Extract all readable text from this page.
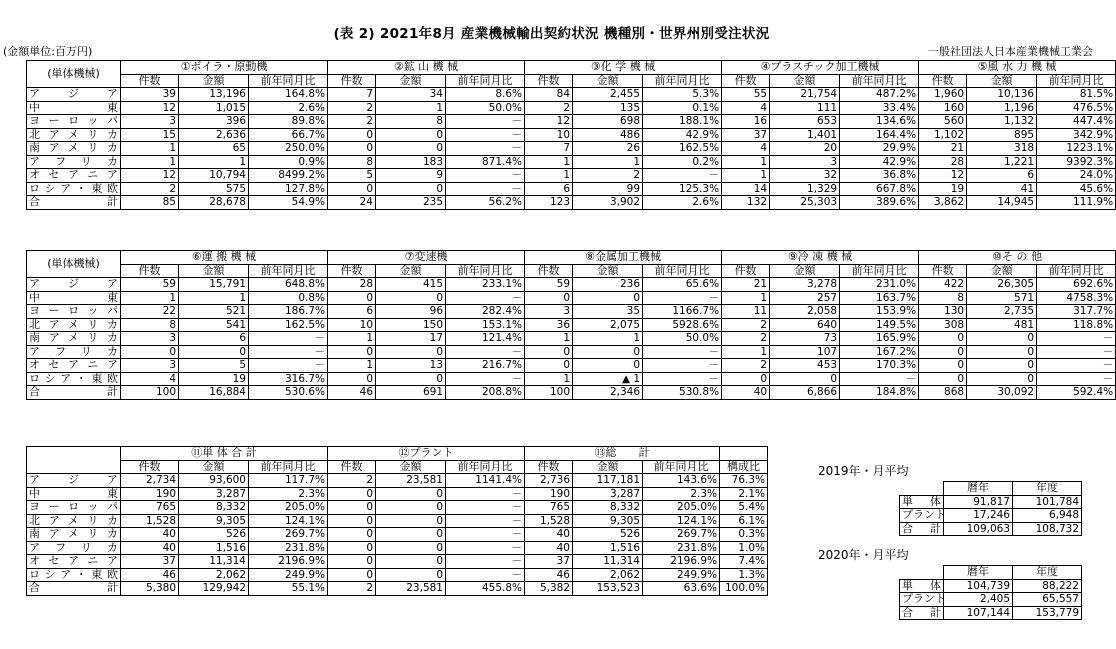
(表 2) 2021年8月 産業機械輸出契約状況 機種別・世界州別受注状況
(金額単位:百万円)	一般社団法人日本産業機械工業会
(単体機械)	①ボイラ・原動機			②鉱 山 機 械			③化 学 機 械			④プラスチック加工機械			⑤風 水 力 機 械		
	件数	金額	前年同月比	件数	金額	前年同月比	件数	金額	前年同月比	件数	金額	前年同月比	件数	金額	前年同月比
ア　ジ　ア	39	13,196	164.8%	7	34	8.6%	84	2,455	5.3%	55	21,754	487.2%	1,960	10,136	81.5%
中　　東	12	1,015	2.6%	2	1	50.0%	2	135	0.1%	4	111	33.4%	160	1,196	476.5%
ヨーロッパ	3	396	89.8%	2	8	－	12	698	188.1%	16	653	134.6%	560	1,132	447.4%
北アメリカ	15	2,636	66.7%	0	0	－	10	486	42.9%	37	1,401	164.4%	1,102	895	342.9%
南アメリカ	1	65	250.0%	0	0	－	7	26	162.5%	4	20	29.9%	21	318	1223.1%
アフリカ	1	1	0.9%	8	183	871.4%	1	1	0.2%	1	3	42.9%	28	1,221	9392.3%
オセアニア	12	10,794	8499.2%	5	9	－	1	2	－	1	32	36.8%	12	6	24.0%
ロシア・東欧	2	575	127.8%	0	0	－	6	99	125.3%	14	1,329	667.8%	19	41	45.6%
合　　計	85	28,678	54.9%	24	235	56.2%	123	3,902	2.6%	132	25,303	389.6%	3,862	14,945	111.9%
(単体機械)	⑥運 搬 機 械			⑦変速機			⑧金属加工機械			⑨冷 凍 機 械			⑩そ の 他		
	件数	金額	前年同月比	件数	金額	前年同月比	件数	金額	前年同月比	件数	金額	前年同月比	件数	金額	前年同月比
ア　ジ　ア	59	15,791	648.8%	28	415	233.1%	59	236	65.6%	21	3,278	231.0%	422	26,305	692.6%
中　　東	1	1	0.8%	0	0	－	0	0	－	1	257	163.7%	8	571	4758.3%
ヨーロッパ	22	521	186.7%	6	96	282.4%	3	35	1166.7%	11	2,058	153.9%	130	2,735	317.7%
北アメリカ	8	541	162.5%	10	150	153.1%	36	2,075	5928.6%	2	640	149.5%	308	481	118.8%
南アメリカ	3	6	－	1	17	121.4%	1	1	50.0%	2	73	165.9%	0	0	－
アフリカ	0	0	－	0	0	－	0	0	－	1	107	167.2%	0	0	－
オセアニア	3	5	－	1	13	216.7%	0	0	－	2	453	170.3%	0	0	－
ロシア・東欧	4	19	316.7%	0	0	－	1	▲ 1	－	0	0	－	0	0	－
合　　計	100	16,884	530.6%	46	691	208.8%	100	2,346	530.8%	40	6,866	184.8%	868	30,092	592.4%
	⑪単 体 合 計			⑫プラント			⑬総　　計			
	件数	金額	前年同月比	件数	金額	前年同月比	件数	金額	前年同月比	構成比
ア　ジ　ア	2,734	93,600	117.7%	2	23,581	1141.4%	2,736	117,181	143.6%	76.3%
中　　東	190	3,287	2.3%	0	0	－	190	3,287	2.3%	2.1%
ヨーロッパ	765	8,332	205.0%	0	0	－	765	8,332	205.0%	5.4%
北アメリカ	1,528	9,305	124.1%	0	0	－	1,528	9,305	124.1%	6.1%
南アメリカ	40	526	269.7%	0	0	－	40	526	269.7%	0.3%
アフリカ	40	1,516	231.8%	0	0	－	40	1,516	231.8%	1.0%
オセアニア	37	11,314	2196.9%	0	0	－	37	11,314	2196.9%	7.4%
ロシア・東欧	46	2,062	249.9%	0	0	－	46	2,062	249.9%	1.3%
合　　計	5,380	129,942	55.1%	2	23,581	455.8%	5,382	153,523	63.6%	100.0%
2019年・月平均
	暦年	年度
単体	91,817	101,784
プラント	17,246	6,948
合計	109,063	108,732
2020年・月平均
	暦年	年度
単体	104,739	88,222
プラント	2,405	65,557
合計	107,144	153,779
